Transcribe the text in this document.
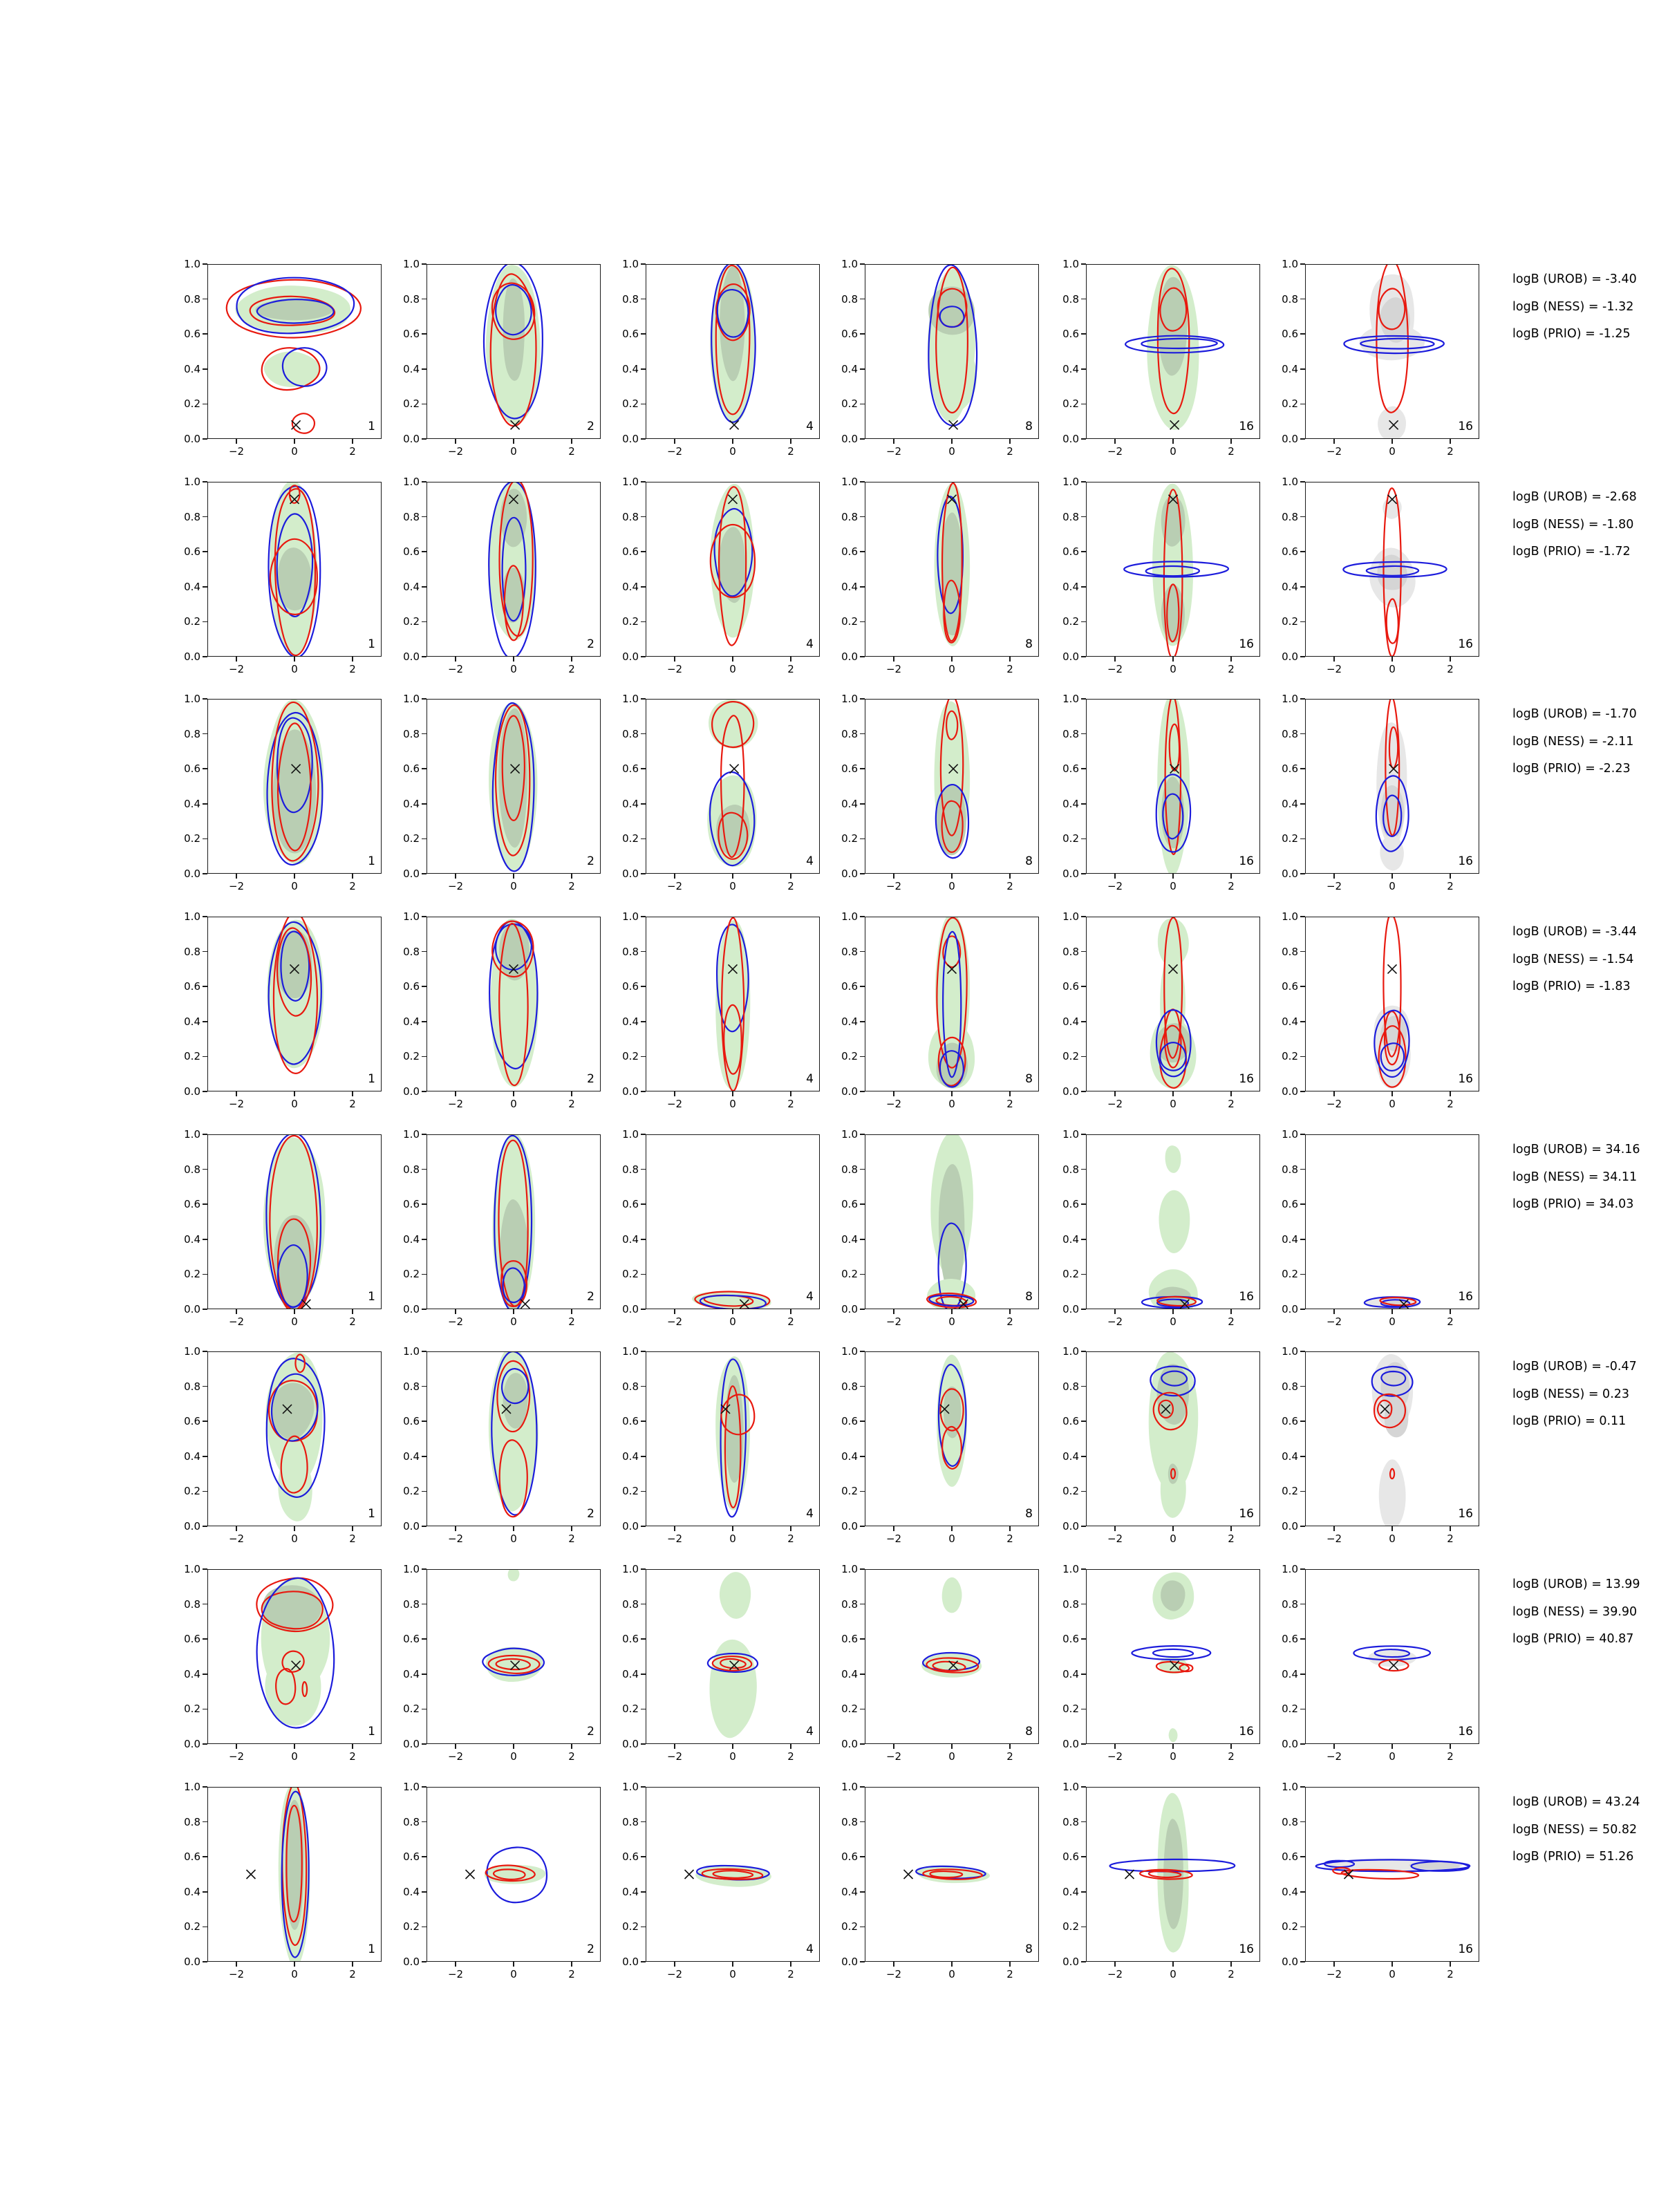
0.0
0.2
0.4
0.6
0.8
1.0
−2	0	2
1
0.0
0.2
0.4
0.6
0.8
1.0
−2	0	2
2
0.0
0.2
0.4
0.6
0.8
1.0
−2	0	2
4
0.0
0.2
0.4
0.6
0.8
1.0
−2	0	2
8
0.0
0.2
0.4
0.6
0.8
1.0
−2	0	2
16
0.0
0.2
0.4
0.6
0.8
1.0
−2	0	2
16
logB (UROB) = -3.40
logB (NESS) = -1.32
logB (PRIO) = -1.25
0.0
0.2
0.4
0.6
0.8
1.0
−2	0	2
1
0.0
0.2
0.4
0.6
0.8
1.0
−2	0	2
2
0.0
0.2
0.4
0.6
0.8
1.0
−2	0	2
4
0.0
0.2
0.4
0.6
0.8
1.0
−2	0	2
8
0.0
0.2
0.4
0.6
0.8
1.0
−2	0	2
16
0.0
0.2
0.4
0.6
0.8
1.0
−2	0	2
16
logB (UROB) = -2.68
logB (NESS) = -1.80
logB (PRIO) = -1.72
0.0
0.2
0.4
0.6
0.8
1.0
−2	0	2
1
0.0
0.2
0.4
0.6
0.8
1.0
−2	0	2
2
0.0
0.2
0.4
0.6
0.8
1.0
−2	0	2
4
0.0
0.2
0.4
0.6
0.8
1.0
−2	0	2
8
0.0
0.2
0.4
0.6
0.8
1.0
−2	0	2
16
0.0
0.2
0.4
0.6
0.8
1.0
−2	0	2
16
logB (UROB) = -1.70
logB (NESS) = -2.11
logB (PRIO) = -2.23
0.0
0.2
0.4
0.6
0.8
1.0
−2	0	2
1
0.0
0.2
0.4
0.6
0.8
1.0
−2	0	2
2
0.0
0.2
0.4
0.6
0.8
1.0
−2	0	2
4
0.0
0.2
0.4
0.6
0.8
1.0
−2	0	2
8
0.0
0.2
0.4
0.6
0.8
1.0
−2	0	2
16
0.0
0.2
0.4
0.6
0.8
1.0
−2	0	2
16
logB (UROB) = -3.44
logB (NESS) = -1.54
logB (PRIO) = -1.83
0.0
0.2
0.4
0.6
0.8
1.0
−2	0	2
1
0.0
0.2
0.4
0.6
0.8
1.0
−2	0	2
2
0.0
0.2
0.4
0.6
0.8
1.0
−2	0	2
4
0.0
0.2
0.4
0.6
0.8
1.0
−2	0	2
8
0.0
0.2
0.4
0.6
0.8
1.0
−2	0	2
16
0.0
0.2
0.4
0.6
0.8
1.0
−2	0	2
16
logB (UROB) = 34.16
logB (NESS) = 34.11
logB (PRIO) = 34.03
0.0
0.2
0.4
0.6
0.8
1.0
−2	0	2
1
0.0
0.2
0.4
0.6
0.8
1.0
−2	0	2
2
0.0
0.2
0.4
0.6
0.8
1.0
−2	0	2
4
0.0
0.2
0.4
0.6
0.8
1.0
−2	0	2
8
0.0
0.2
0.4
0.6
0.8
1.0
−2	0	2
16
0.0
0.2
0.4
0.6
0.8
1.0
−2	0	2
16
logB (UROB) = -0.47
logB (NESS) = 0.23
logB (PRIO) = 0.11
0.0
0.2
0.4
0.6
0.8
1.0
−2	0	2
1
0.0
0.2
0.4
0.6
0.8
1.0
−2	0	2
2
0.0
0.2
0.4
0.6
0.8
1.0
−2	0	2
4
0.0
0.2
0.4
0.6
0.8
1.0
−2	0	2
8
0.0
0.2
0.4
0.6
0.8
1.0
−2	0	2
16
0.0
0.2
0.4
0.6
0.8
1.0
−2	0	2
16
logB (UROB) = 13.99
logB (NESS) = 39.90
logB (PRIO) = 40.87
0.0
0.2
0.4
0.6
0.8
1.0
−2	0	2
1
0.0
0.2
0.4
0.6
0.8
1.0
−2	0	2
2
0.0
0.2
0.4
0.6
0.8
1.0
−2	0	2
4
0.0
0.2
0.4
0.6
0.8
1.0
−2	0	2
8
0.0
0.2
0.4
0.6
0.8
1.0
−2	0	2
16
0.0
0.2
0.4
0.6
0.8
1.0
−2	0	2
16
logB (UROB) = 43.24
logB (NESS) = 50.82
logB (PRIO) = 51.26
